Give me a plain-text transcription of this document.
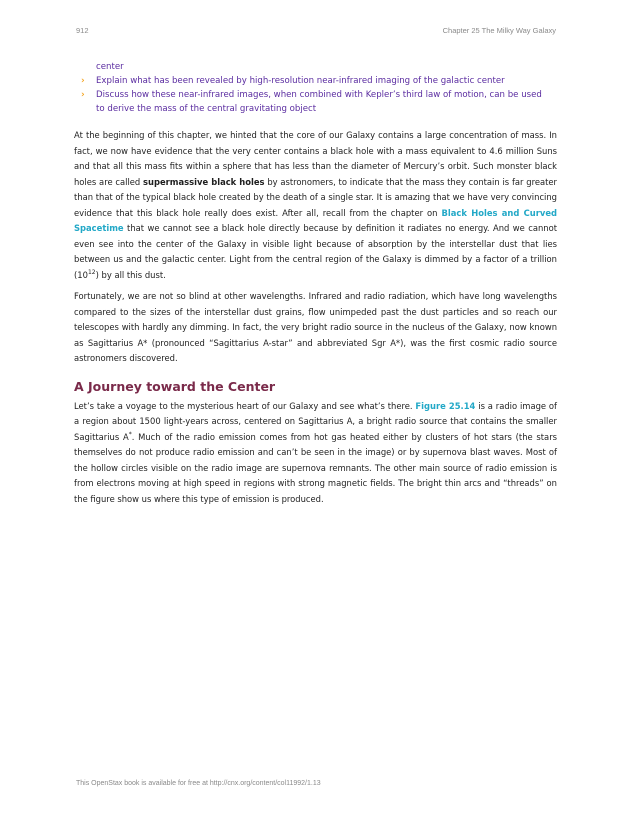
912	Chapter 25 The Milky Way Galaxy
center
› Explain what has been revealed by high-resolution near-infrared imaging of the galactic center
› Discuss how these near-infrared images, when combined with Kepler’s third law of motion, can be used
to derive the mass of the central gravitating object

At the beginning of this chapter, we hinted that the core of our Galaxy contains a large concentration of mass. In fact, we now have evidence that the very center contains a black hole with a mass equivalent to 4.6 million Suns and that all this mass fits within a sphere that has less than the diameter of Mercury’s orbit. Such monster black holes are called supermassive black holes by astronomers, to indicate that the mass they contain is far greater than that of the typical black hole created by the death of a single star. It is amazing that we have very convincing evidence that this black hole really does exist. After all, recall from the chapter on Black Holes and Curved Spacetime that we cannot see a black hole directly because by definition it radiates no energy. And we cannot even see into the center of the Galaxy in visible light because of absorption by the interstellar dust that lies between us and the galactic center. Light from the central region of the Galaxy is dimmed by a factor of a trillion $(10^{12})$ by all this dust.

Fortunately, we are not so blind at other wavelengths. Infrared and radio radiation, which have long wavelengths compared to the sizes of the interstellar dust grains, flow unimpeded past the dust particles and so reach our telescopes with hardly any dimming. In fact, the very bright radio source in the nucleus of the Galaxy, now known as Sagittarius A* (pronounced “Sagittarius A-star” and abbreviated Sgr A*), was the first cosmic radio source astronomers discovered.

A Journey toward the Center

Let’s take a voyage to the mysterious heart of our Galaxy and see what’s there. Figure 25.14 is a radio image of a region about 1500 light-years across, centered on Sagittarius A, a bright radio source that contains the smaller Sagittarius A*. Much of the radio emission comes from hot gas heated either by clusters of hot stars (the stars themselves do not produce radio emission and can’t be seen in the image) or by supernova blast waves. Most of the hollow circles visible on the radio image are supernova remnants. The other main source of radio emission is from electrons moving at high speed in regions with strong magnetic fields. The bright thin arcs and “threads” on the figure show us where this type of emission is produced.

This OpenStax book is available for free at http://cnx.org/content/col11992/1.13
